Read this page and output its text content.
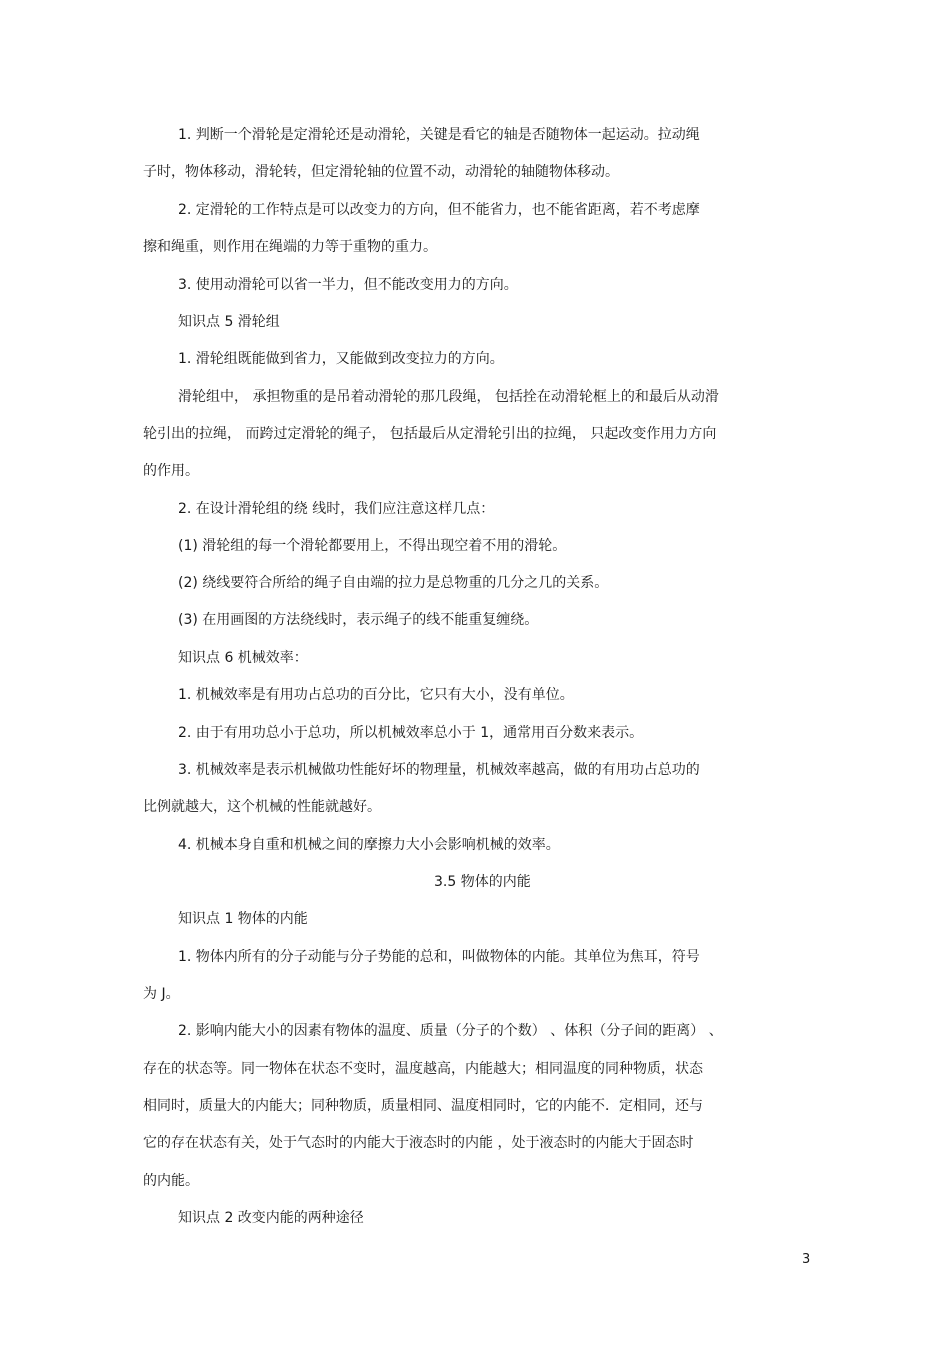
1. 判断一个滑轮是定滑轮还是动滑轮，关键是看它的轴是否随物体一起运动。拉动绳
子时，物体移动，滑轮转，但定滑轮轴的位置不动，动滑轮的轴随物体移动。
2. 定滑轮的工作特点是可以改变力的方向，但不能省力，也不能省距离，若不考虑摩
擦和绳重，则作用在绳端的力等于重物的重力。
3. 使用动滑轮可以省一半力，但不能改变用力的方向。
知识点 5 滑轮组
1. 滑轮组既能做到省力，又能做到改变拉力的方向。
滑轮组中， 承担物重的是吊着动滑轮的那几段绳， 包括拴在动滑轮框上的和最后从动滑
轮引出的拉绳， 而跨过定滑轮的绳子， 包括最后从定滑轮引出的拉绳， 只起改变作用力方向
的作用。
2. 在设计滑轮组的绕 线时，我们应注意这样几点：
(1) 滑轮组的每一个滑轮都要用上，不得出现空着不用的滑轮。
(2) 绕线要符合所给的绳子自由端的拉力是总物重的几分之几的关系。
(3) 在用画图的方法绕线时，表示绳子的线不能重复缠绕。
知识点 6 机械效率：
1. 机械效率是有用功占总功的百分比，它只有大小，没有单位。
2. 由于有用功总小于总功，所以机械效率总小于 1，通常用百分数来表示。
3. 机械效率是表示机械做功性能好坏的物理量，机械效率越高，做的有用功占总功的
比例就越大，这个机械的性能就越好。
4. 机械本身自重和机械之间的摩擦力大小会影响机械的效率。
3.5 物体的内能
知识点 1 物体的内能
1. 物体内所有的分子动能与分子势能的总和，叫做物体的内能。其单位为焦耳，符号
为 J。
2. 影响内能大小的因素有物体的温度、质量（分子的个数） 、体积（分子间的距离） 、
存在的状态等。同一物体在状态不变时，温度越高，内能越大；相同温度的同种物质，状态
相同时，质量大的内能大；同种物质，质量相同、温度相同时，它的内能不．定相同，还与
它的存在状态有关，处于气态时的内能大于液态时的内能 ，处于液态时的内能大于固态时
的内能。
知识点 2 改变内能的两种途径
3
